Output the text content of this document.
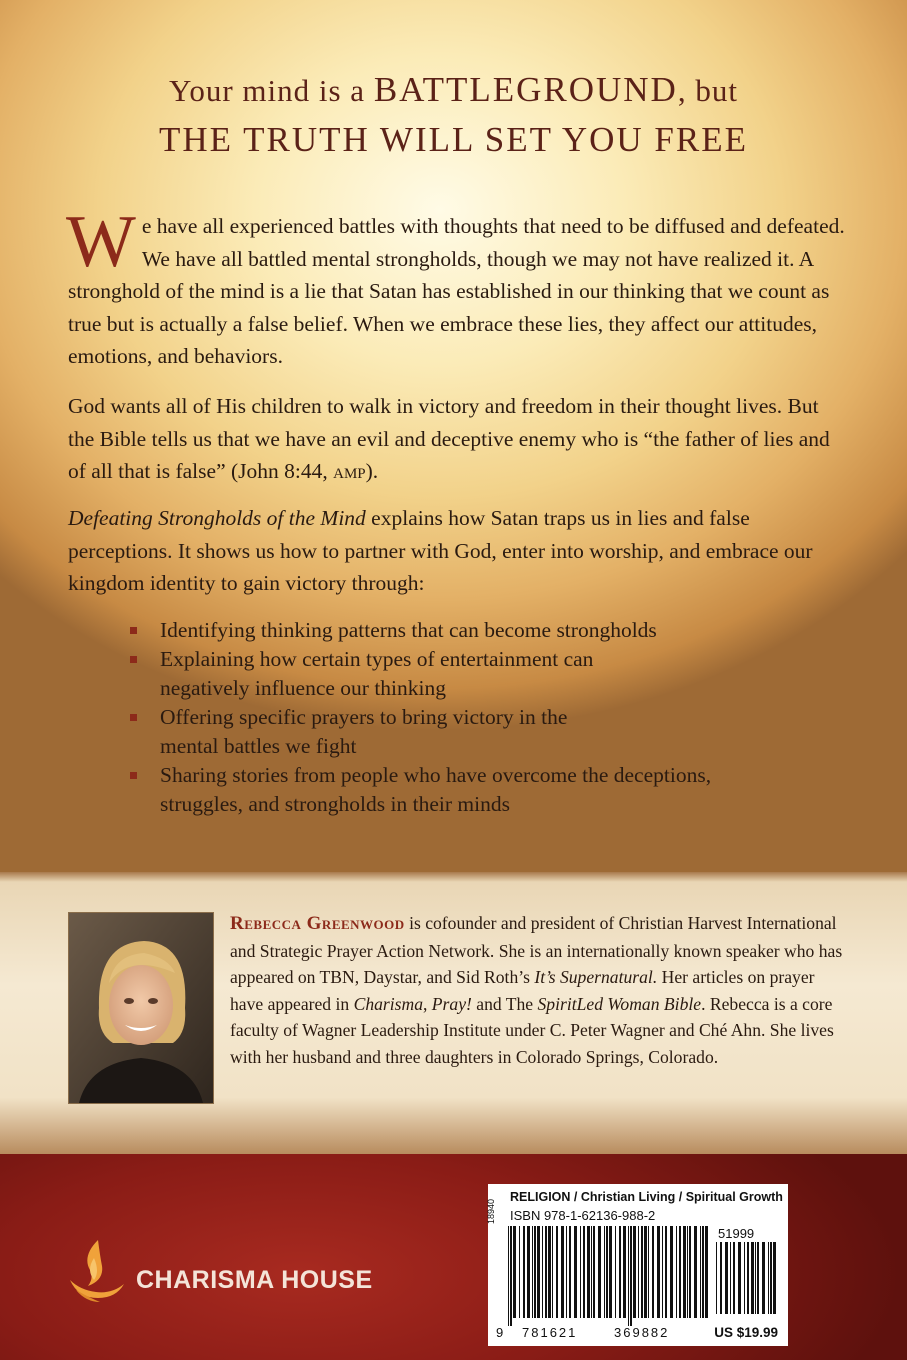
Your mind is a BATTLEGROUND, but

THE TRUTH WILL SET YOU FREE

We have all experienced battles with thoughts that need to be diffused and defeated. We have all battled mental strongholds, though we may not have realized it. A stronghold of the mind is a lie that Satan has established in our thinking that we count as true but is actually a false belief. When we embrace these lies, they affect our attitudes, emotions, and behaviors.

God wants all of His children to walk in victory and freedom in their thought lives. But the Bible tells us that we have an evil and deceptive enemy who is “the father of lies and of all that is false” (John 8:44, amp).

Defeating Strongholds of the Mind explains how Satan traps us in lies and false perceptions. It shows us how to partner with God, enter into worship, and embrace our kingdom identity to gain victory through:

Identifying thinking patterns that can become strongholds
Explaining how certain types of entertainment can negatively influence our thinking
Offering specific prayers to bring victory in the mental battles we fight
Sharing stories from people who have overcome the deceptions, struggles, and strongholds in their minds

Rebecca Greenwood is cofounder and president of Christian Harvest International and Strategic Prayer Action Network. She is an internationally known speaker who has appeared on TBN, Daystar, and Sid Roth’s It’s Supernatural. Her articles on prayer have appeared in Charisma, Pray! and The SpiritLed Woman Bible. Rebecca is a core faculty of Wagner Leadership Institute under C. Peter Wagner and Ché Ahn. She lives with her husband and three daughters in Colorado Springs, Colorado.

CHARISMA HOUSE
RELIGION / Christian Living / Spiritual Growth
ISBN 978-1-62136-988-2
18940
51999
9 781621	369882	US $19.99
